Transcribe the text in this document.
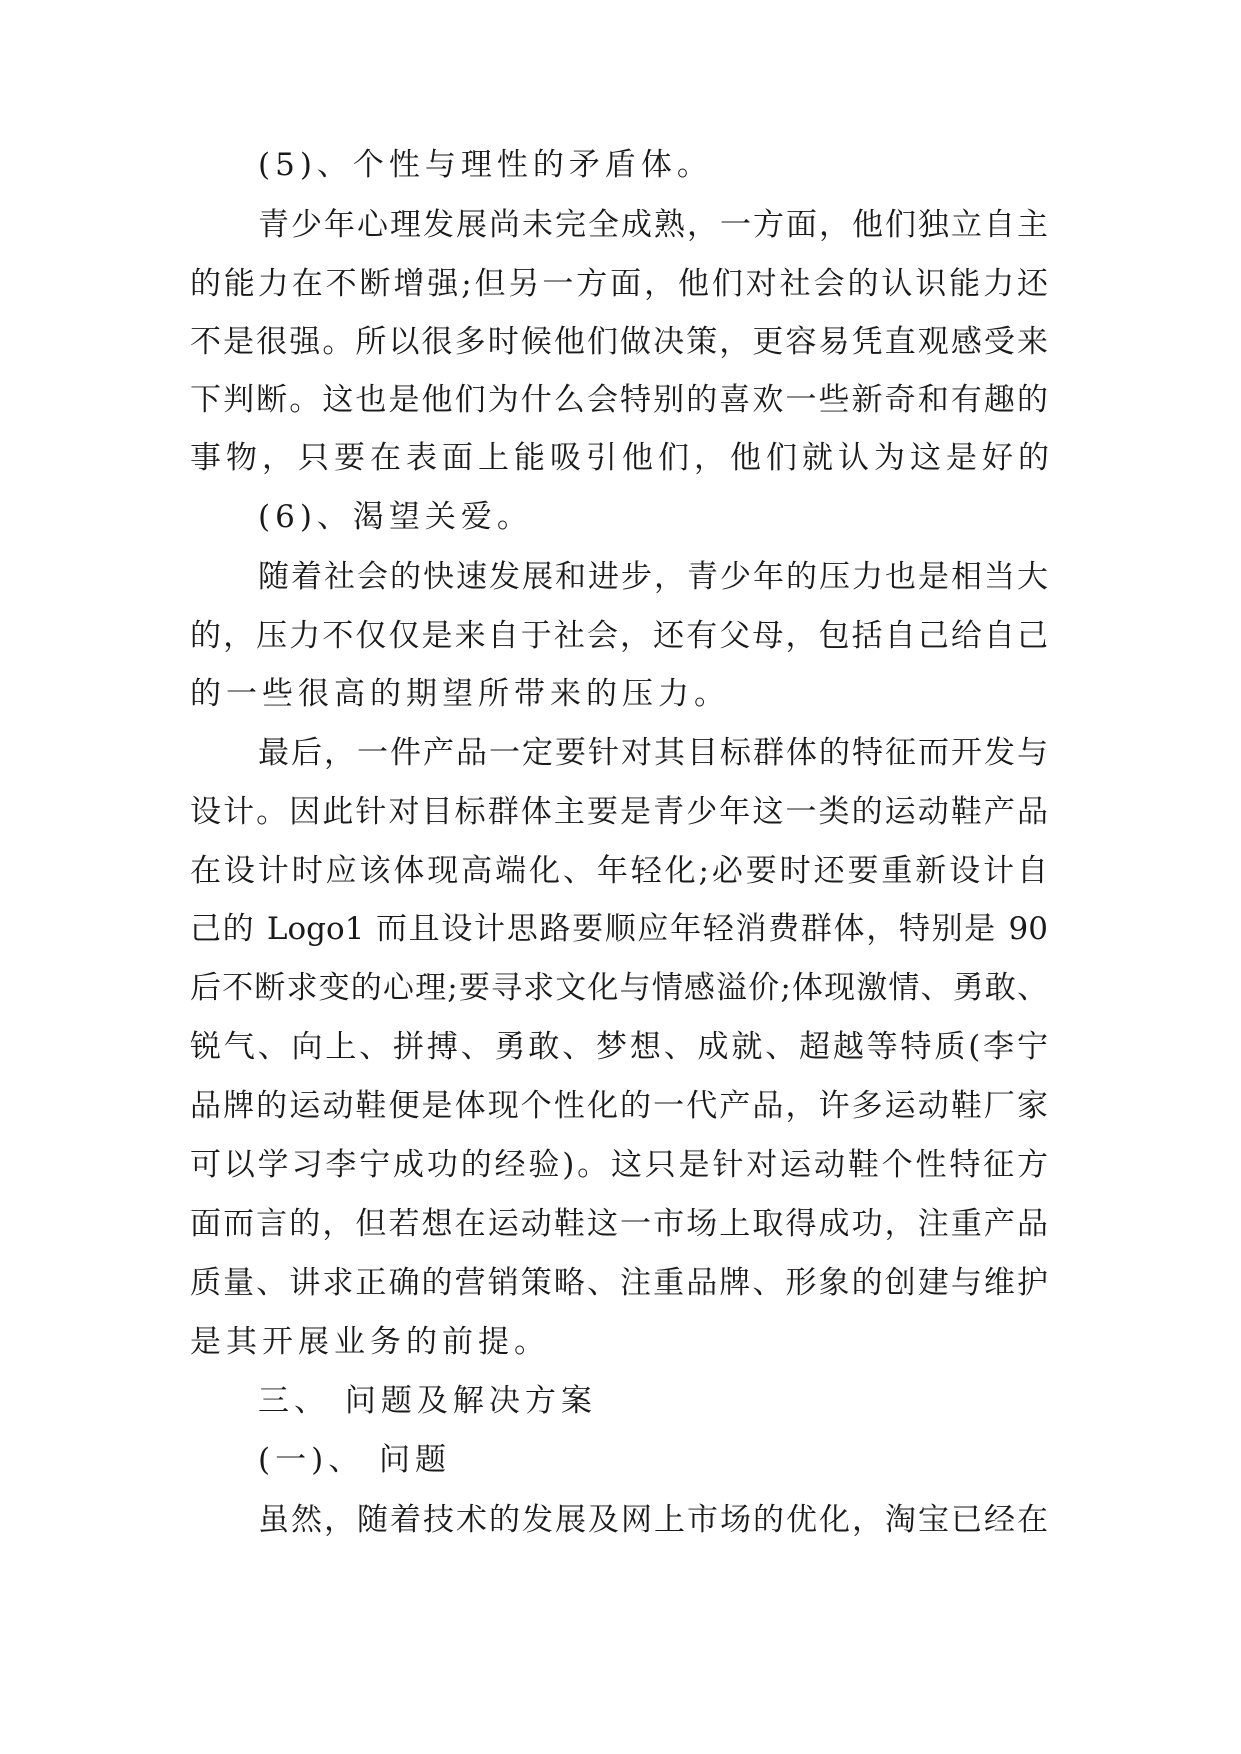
(5)、个性与理性的矛盾体。
青少年心理发展尚未完全成熟，一方面，他们独立自主
的能力在不断增强;但另一方面，他们对社会的认识能力还
不是很强。所以很多时候他们做决策，更容易凭直观感受来
下判断。这也是他们为什么会特别的喜欢一些新奇和有趣的
事物，只要在表面上能吸引他们，他们就认为这是好的
(6)、渴望关爱。
随着社会的快速发展和进步，青少年的压力也是相当大
的，压力不仅仅是来自于社会，还有父母，包括自己给自己
的一些很高的期望所带来的压力。
最后，一件产品一定要针对其目标群体的特征而开发与
设计。因此针对目标群体主要是青少年这一类的运动鞋产品
在设计时应该体现高端化、年轻化;必要时还要重新设计自
己的 Logo1 而且设计思路要顺应年轻消费群体，特别是 90
后不断求变的心理;要寻求文化与情感溢价;体现激情、勇敢、
锐气、向上、拼搏、勇敢、梦想、成就、超越等特质(李宁
品牌的运动鞋便是体现个性化的一代产品，许多运动鞋厂家
可以学习李宁成功的经验)。这只是针对运动鞋个性特征方
面而言的，但若想在运动鞋这一市场上取得成功，注重产品
质量、讲求正确的营销策略、注重品牌、形象的创建与维护
是其开展业务的前提。
三、 问题及解决方案
(一)、 问题
虽然，随着技术的发展及网上市场的优化，淘宝已经在
